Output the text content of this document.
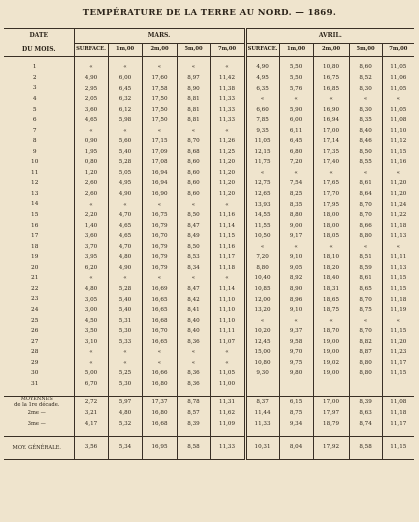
TEMPÉRATURE DE LA TERRE AU NORD. — 1869.
DATE
DU MOIS.	MARS.					AVRIL.				
	SURFACE.	1m,00	2m,00	5m,00	7m,00	SURFACE.	1m,00	2m,00	5m,00	7m,00

1	«	«	«	«	«	4,90	5,50	10,80	8,60	11,05
2	4,90	6,00	17,60	8,97	11,42	4,95	5,50	16,75	8,52	11,06
3	2,95	6,45	17,58	8,90	11,38	6,35	5,76	16,85	8,30	11,05
4	2,05	6,32	17,50	8,81	11,33	«	«	«	«	«
5	3,60	6,12	17,50	8,81	11,33	6,60	5,90	16,90	8,30	11,05
6	4,65	5,98	17,50	8,81	11,33	7,85	6,00	16,94	8,35	11,08
7	«	«	«	«	«	9,35	6,11	17,00	8,40	11,10
8	0,90	5,60	17,15	8,70	11,26	11,05	6,45	17,14	8,46	11,12
9	1,95	5,40	17,09	8,68	11,25	12,15	6,80	17,35	8,50	11,15
10	0,80	5,28	17,08	8,60	11,20	11,75	7,20	17,40	8,55	11,16
11	1,20	5,05	16,94	8,60	11,20	«	«	«	«	«
12	2,60	4,95	16,94	8,60	11,20	12,75	7,54	17,65	8,61	11,20
13	2,60	4,90	16,90	8,60	11,20	12,65	8,25	17,70	8,64	11,20
14	«	«	«	«	«	13,93	8,35	17,95	8,70	11,24
15	2,20	4,70	16,75	8,50	11,16	14,55	8,80	18,00	8,70	11,22
16	1,40	4,65	16,79	8,47	11,14	11,55	9,00	18,00	8,66	11,18
17	3,60	4,65	16,70	8,49	11,15	10,50	9,17	18,05	8,80	11,13
18	3,70	4,70	16,79	8,50	11,16	«	«	«	«	«
19	3,95	4,80	16,79	8,53	11,17	7,20	9,10	18,10	8,51	11,11
20	6,20	4,90	16,79	8,34	11,18	8,80	9,05	18,20	8,59	11,13
21	«	«	«	«	«	10,40	8,92	18,40	8,61	11,15
22	4,80	5,28	16,69	8,47	11,14	10,85	8,90	18,31	8,65	11,15
23	3,05	5,40	16,65	8,42	11,10	12,00	8,96	18,65	8,70	11,18
24	3,00	5,40	16,65	8,41	11,10	13,20	9,10	18,75	8,75	11,19
25	4,50	5,31	16,68	8,40	11,10	«	«	«	«	«
26	3,50	5,30	16,70	8,40	11,11	10,20	9,37	18,70	8,70	11,15
27	3,10	5,33	16,65	8,36	11,07	12,45	9,58	19,00	8,82	11,20
28	«	«	«	«	«	15,00	9,70	19,00	8,87	11,23
29	«	«	«	«	«	10,80	9,75	19,02	8,80	11,17
30	5,00	5,25	16,66	8,36	11,05	9,30	9,80	19,00	8,80	11,15
31	6,70	5,30	16,80	8,36	11,00					

MOYENNES
de la 1re décade.	2,72	5,97	17,37	8,78	11,31	8,37	6,15	17,00	8,39	11,08

2me —	3,21	4,80	16,80	8,57	11,62	11,44	8,75	17,97	8,63	11,18

3me —	4,17	5,32	16,68	8,39	11,09	11,33	9,34	18,79	8,74	11,17

MOY. GÉNÉRALE.	3,56	5,34	16,95	8,58	11,33	10,31	8,04	17,92	8,58	11,15
